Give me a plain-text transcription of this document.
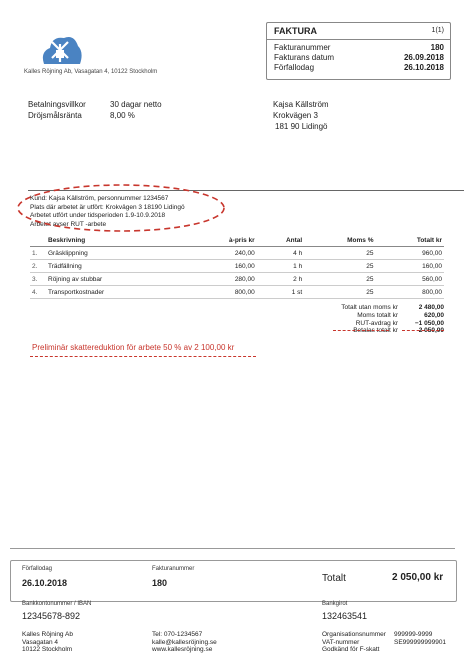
Kalles Röjning Ab, Vasagatan 4, 10122 Stockholm
FAKTURA	1(1)
Fakturanummer	180
Fakturans datum	26.09.2018
Förfallodag	26.10.2018
Betalningsvillkor	30 dagar netto
Dröjsmålsränta	8,00 %
Kajsa Källström
Krokvägen 3
181 90 Lidingö
Kund: Kajsa Källström, personnummer 1234567
Plats där arbetet är utfört: Krokvägen 3 18190 Lidingö
Arbetet utfört under tidsperioden 1.9-10.9.2018
Arbetet avser RUT -arbete
	Beskrivning	à-pris kr	Antal	Moms %	Totalt kr
1.	Gräsklippning	240,00	4 h	25	960,00
2.	Trädfällning	160,00	1 h	25	160,00
3.	Röjning av stubbar	280,00	2 h	25	560,00
4.	Transportkostnader	800,00	1 st	25	800,00
Totalt utan moms kr	2 480,00
Moms totalt kr	620,00
RUT-avdrag kr	−1 050,00
Betalas totalt kr	2 050,00
Preliminär skattereduktion för arbete 50 % av 2 100,00 kr
Förfallodag
26.10.2018
Fakturanummer
180	Totalt	2 050,00 kr
Bankkontonummer / IBAN
12345678-892
Bankgirot
132463541
Kalles Röjning Ab
Vasagatan 4
10122 Stockholm
Tel: 070-1234567
kalle@kallesröjning.se
www.kallesröjning.se
Organisationsnummer	999999-9999
VAT-nummer	SE999999999901
Godkänd för F-skatt
